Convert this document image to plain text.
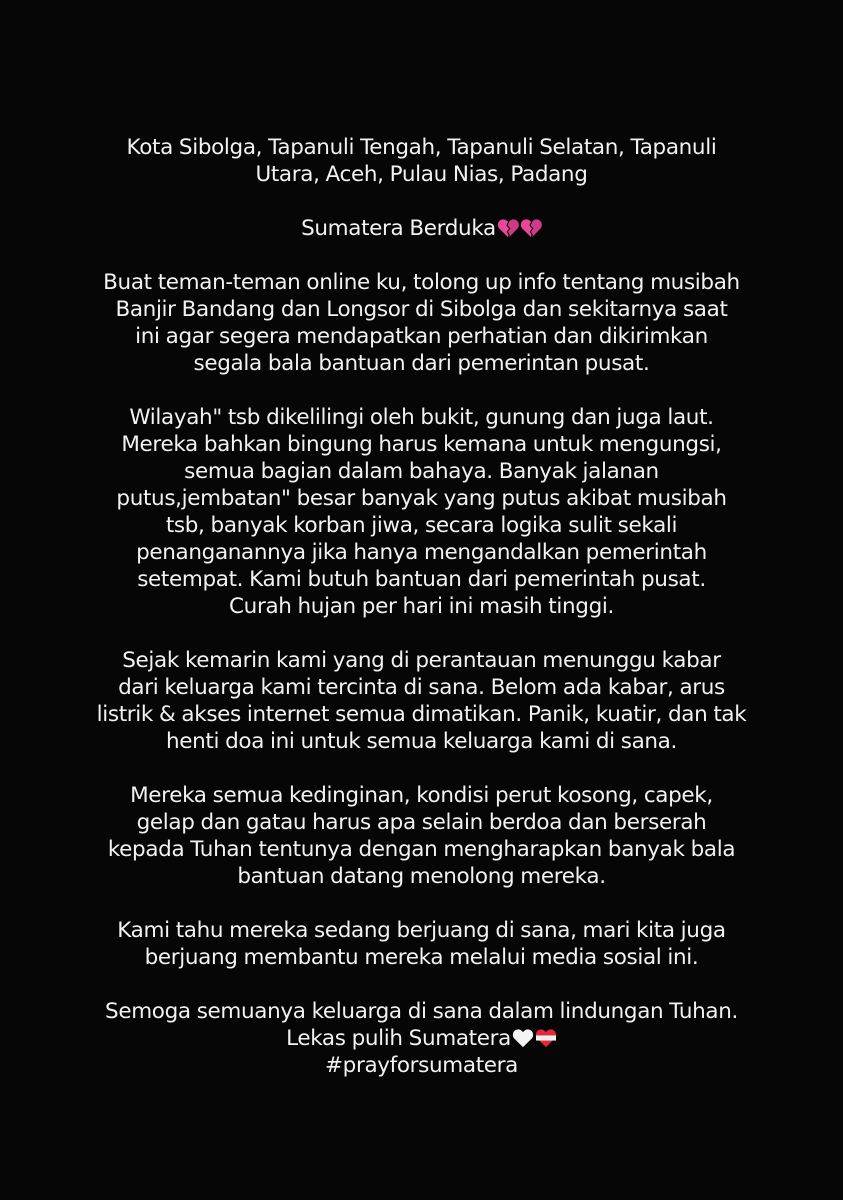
Kota Sibolga, Tapanuli Tengah, Tapanuli Selatan, Tapanuli
Utara, Aceh, Pulau Nias, Padang

Sumatera Berduka

Buat teman-teman online ku, tolong up info tentang musibah
Banjir Bandang dan Longsor di Sibolga dan sekitarnya saat
ini agar segera mendapatkan perhatian dan dikirimkan
segala bala bantuan dari pemerintan pusat.

Wilayah" tsb dikelilingi oleh bukit, gunung dan juga laut.
Mereka bahkan bingung harus kemana untuk mengungsi,
semua bagian dalam bahaya. Banyak jalanan
putus,jembatan" besar banyak yang putus akibat musibah
tsb, banyak korban jiwa, secara logika sulit sekali
penanganannya jika hanya mengandalkan pemerintah
setempat. Kami butuh bantuan dari pemerintah pusat.
Curah hujan per hari ini masih tinggi.

Sejak kemarin kami yang di perantauan menunggu kabar
dari keluarga kami tercinta di sana. Belom ada kabar, arus
listrik & akses internet semua dimatikan. Panik, kuatir, dan tak
henti doa ini untuk semua keluarga kami di sana.

Mereka semua kedinginan, kondisi perut kosong, capek,
gelap dan gatau harus apa selain berdoa dan berserah
kepada Tuhan tentunya dengan mengharapkan banyak bala
bantuan datang menolong mereka.

Kami tahu mereka sedang berjuang di sana, mari kita juga
berjuang membantu mereka melalui media sosial ini.

Semoga semuanya keluarga di sana dalam lindungan Tuhan.
Lekas pulih Sumatera
#prayforsumatera
